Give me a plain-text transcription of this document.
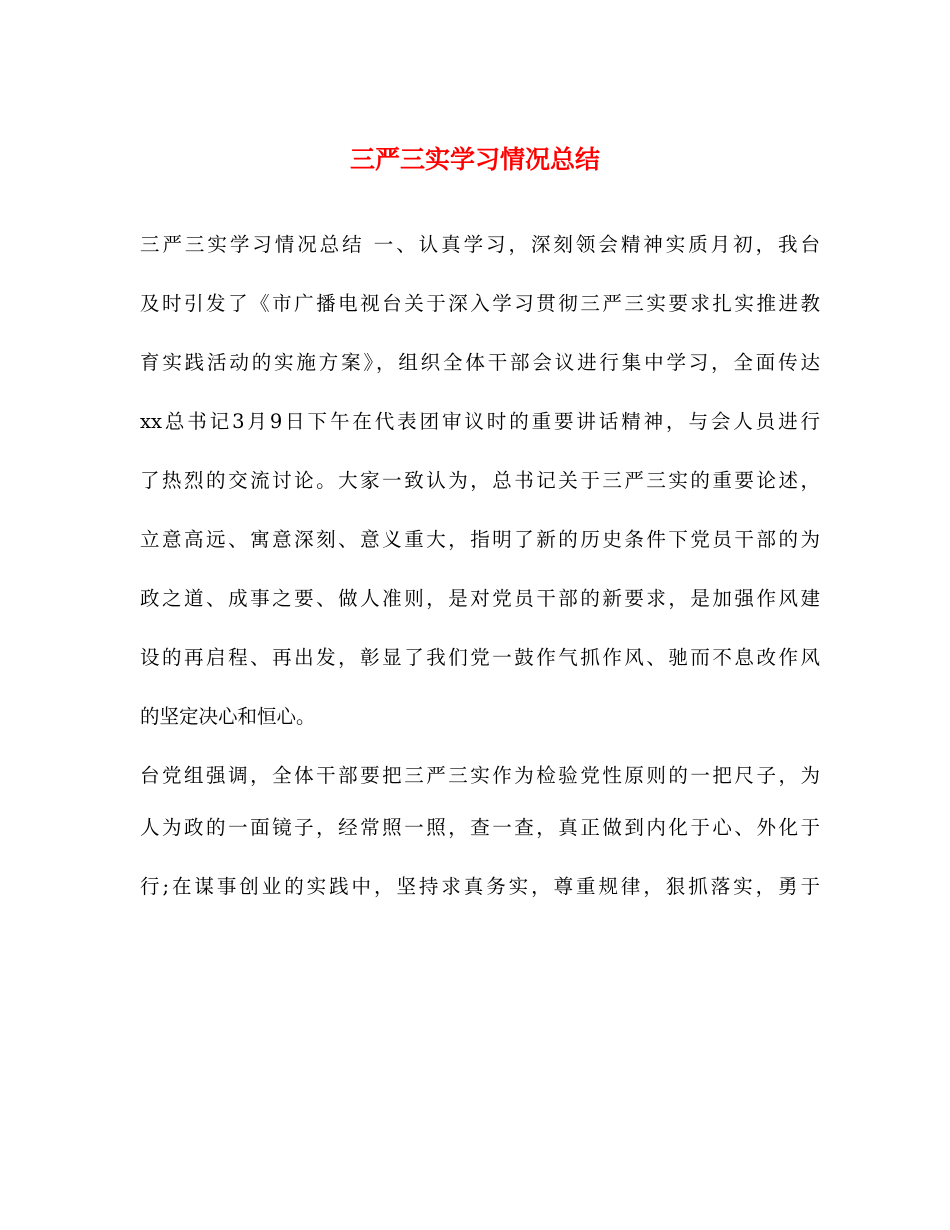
三严三实学习情况总结

三严三实学习情况总结 一、认真学习，深刻领会精神实质月初，我台

及时引发了《市广播电视台关于深入学习贯彻三严三实要求扎实推进教

育实践活动的实施方案》，组织全体干部会议进行集中学习，全面传达

xx总书记3月9日下午在代表团审议时的重要讲话精神，与会人员进行

了热烈的交流讨论。大家一致认为，总书记关于三严三实的重要论述，

立意高远、寓意深刻、意义重大，指明了新的历史条件下党员干部的为

政之道、成事之要、做人准则，是对党员干部的新要求，是加强作风建

设的再启程、再出发，彰显了我们党一鼓作气抓作风、驰而不息改作风

的坚定决心和恒心。

台党组强调，全体干部要把三严三实作为检验党性原则的一把尺子，为

人为政的一面镜子，经常照一照，查一查，真正做到内化于心、外化于

行;在谋事创业的实践中，坚持求真务实，尊重规律，狠抓落实，勇于
